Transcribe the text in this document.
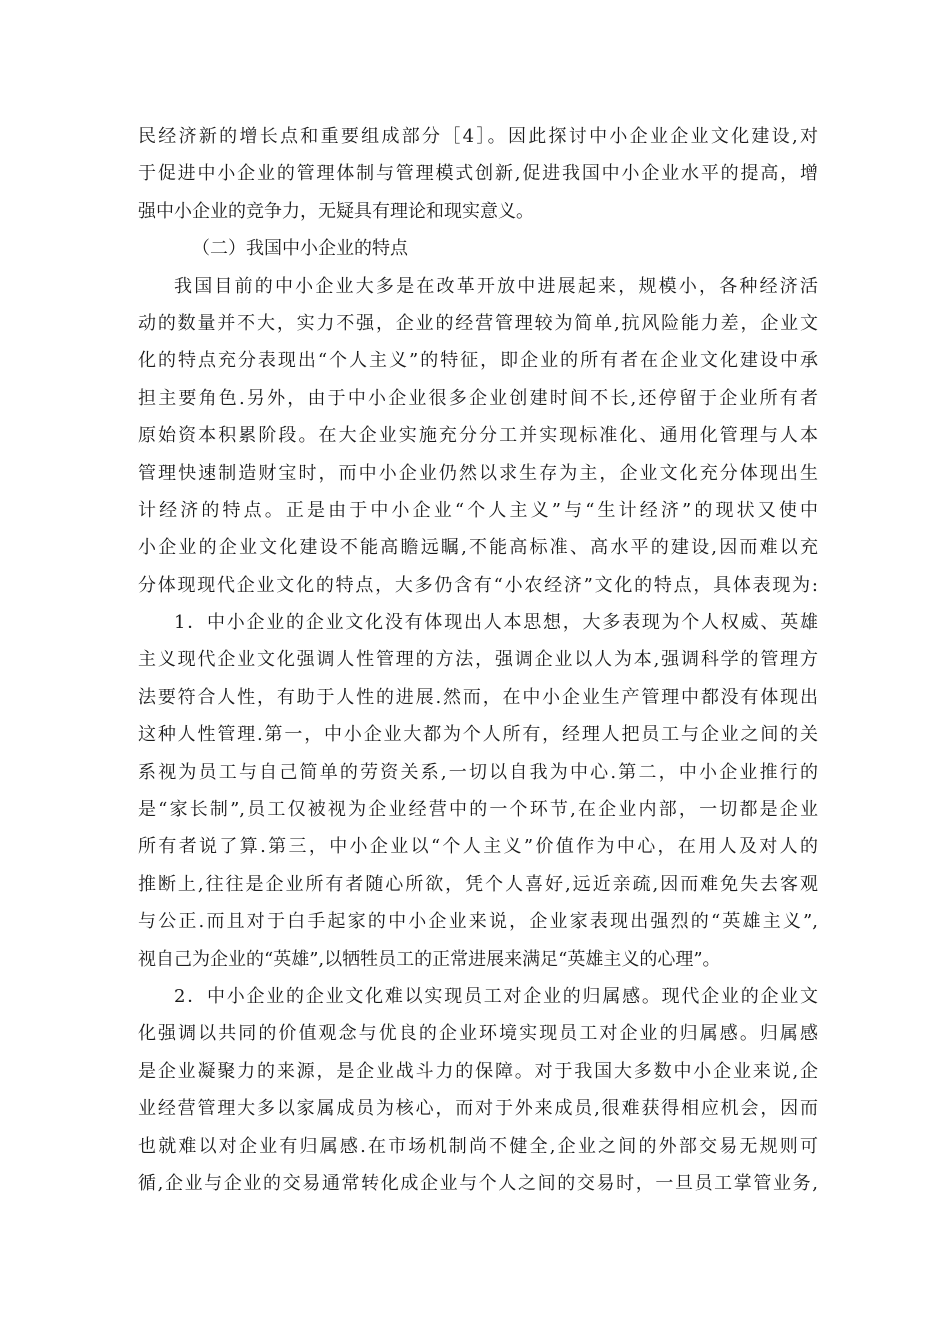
民经济新的增长点和重要组成部分［4］。因此探讨中小企业企业文化建设,对
于促进中小企业的管理体制与管理模式创新,促进我国中小企业水平的提高，增
强中小企业的竞争力，无疑具有理论和现实意义。
（二）我国中小企业的特点
我国目前的中小企业大多是在改革开放中进展起来，规模小，各种经济活
动的数量并不大，实力不强，企业的经营管理较为简单,抗风险能力差，企业文
化的特点充分表现出“个人主义”的特征，即企业的所有者在企业文化建设中承
担主要角色.另外，由于中小企业很多企业创建时间不长,还停留于企业所有者
原始资本积累阶段。在大企业实施充分分工并实现标准化、通用化管理与人本
管理快速制造财宝时，而中小企业仍然以求生存为主，企业文化充分体现出生
计经济的特点。正是由于中小企业“个人主义”与“生计经济”的现状又使中
小企业的企业文化建设不能高瞻远瞩,不能高标准、高水平的建设,因而难以充
分体现现代企业文化的特点，大多仍含有“小农经济”文化的特点，具体表现为:
1．中小企业的企业文化没有体现出人本思想，大多表现为个人权威、英雄
主义现代企业文化强调人性管理的方法，强调企业以人为本,强调科学的管理方
法要符合人性，有助于人性的进展.然而，在中小企业生产管理中都没有体现出
这种人性管理.第一，中小企业大都为个人所有，经理人把员工与企业之间的关
系视为员工与自己简单的劳资关系,一切以自我为中心.第二，中小企业推行的
是“家长制”,员工仅被视为企业经营中的一个环节,在企业内部，一切都是企业
所有者说了算.第三，中小企业以“个人主义”价值作为中心，在用人及对人的
推断上,往往是企业所有者随心所欲，凭个人喜好,远近亲疏,因而难免失去客观
与公正.而且对于白手起家的中小企业来说，企业家表现出强烈的“英雄主义”,
视自己为企业的“英雄”,以牺牲员工的正常进展来满足“英雄主义的心理”。
2．中小企业的企业文化难以实现员工对企业的归属感。现代企业的企业文
化强调以共同的价值观念与优良的企业环境实现员工对企业的归属感。归属感
是企业凝聚力的来源，是企业战斗力的保障。对于我国大多数中小企业来说,企
业经营管理大多以家属成员为核心，而对于外来成员,很难获得相应机会，因而
也就难以对企业有归属感.在市场机制尚不健全,企业之间的外部交易无规则可
循,企业与企业的交易通常转化成企业与个人之间的交易时，一旦员工掌管业务,
